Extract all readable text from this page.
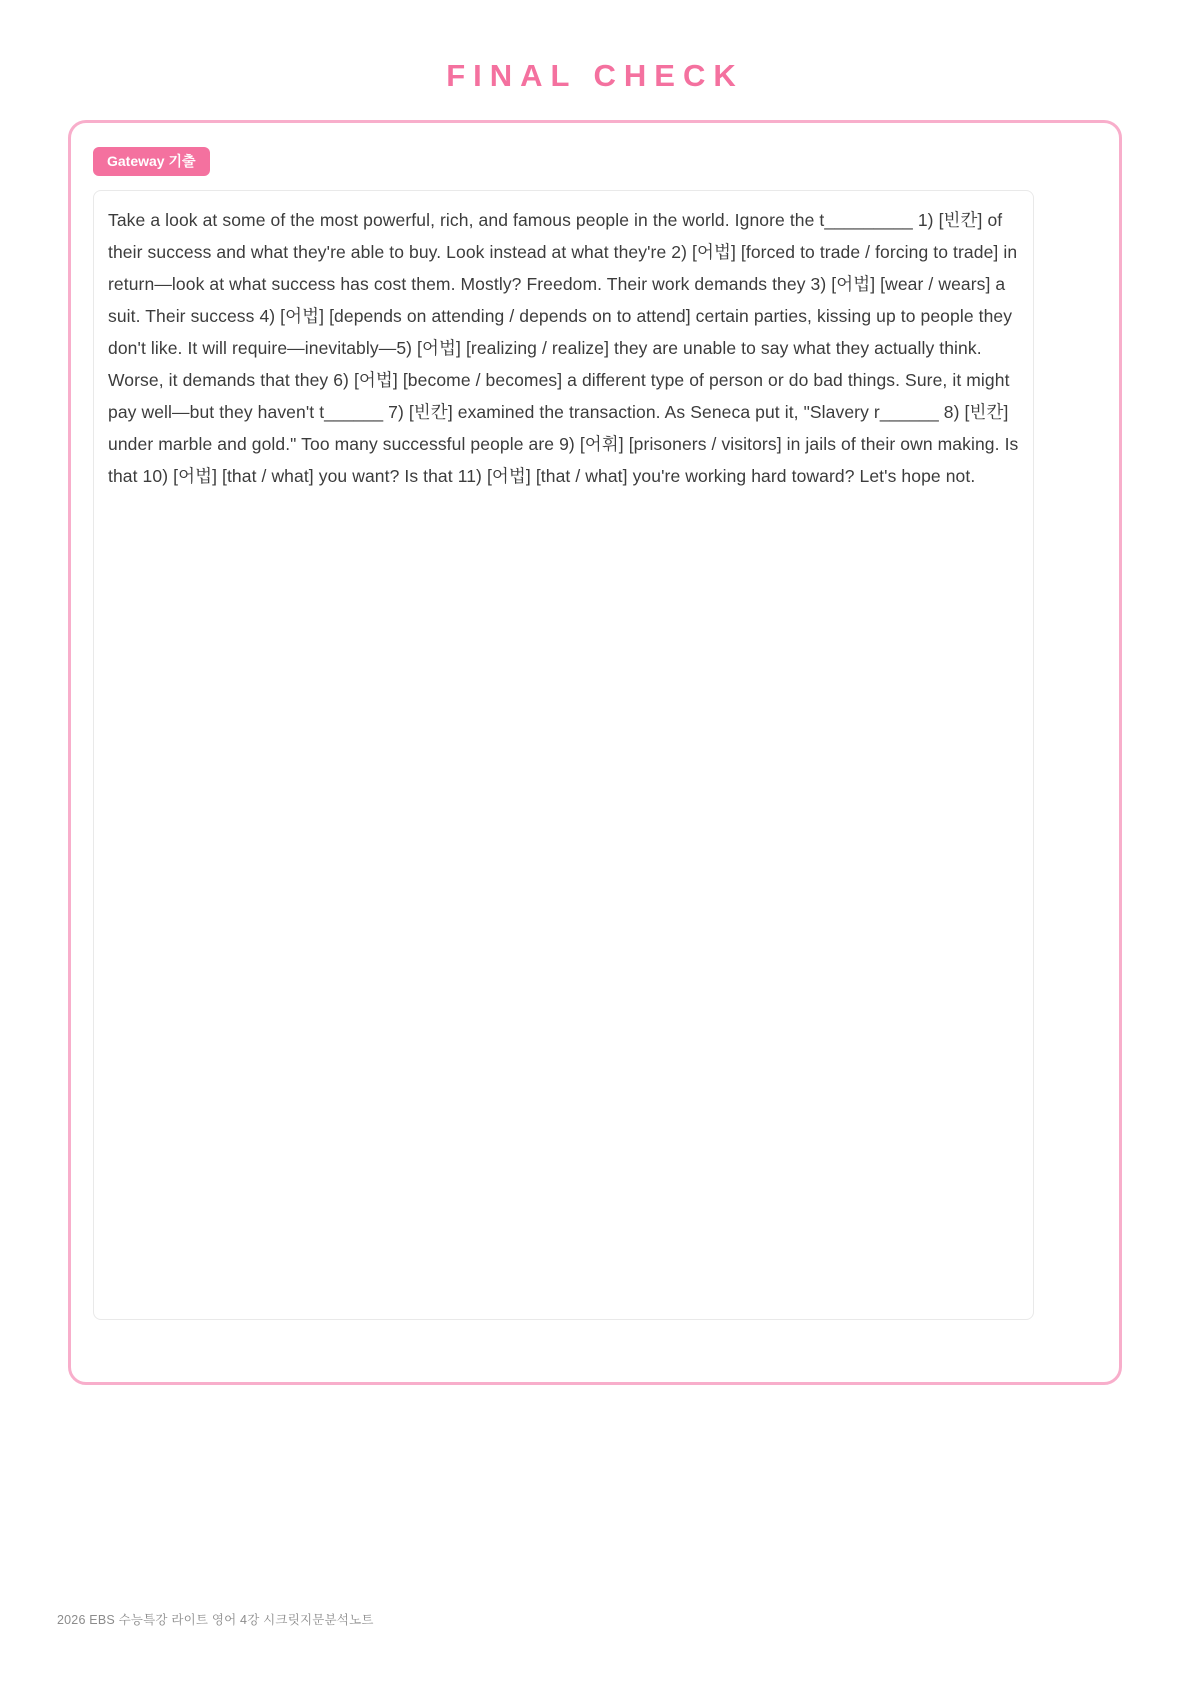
FINAL CHECK
Gateway 기출

Take a look at some of the most powerful, rich, and famous people in the world. Ignore the t_________ 1) [빈칸] of their success and what they're able to buy. Look instead at what they're 2) [어법] [forced to trade / forcing to trade] in return—look at what success has cost them. Mostly? Freedom. Their work demands they 3) [어법] [wear / wears] a suit. Their success 4) [어법] [depends on attending / depends on to attend] certain parties, kissing up to people they don't like. It will require—inevitably—5) [어법] [realizing / realize] they are unable to say what they actually think. Worse, it demands that they 6) [어법] [become / becomes] a different type of person or do bad things. Sure, it might pay well—but they haven't t______ 7) [빈칸] examined the transaction. As Seneca put it, "Slavery r______ 8) [빈칸] under marble and gold." Too many successful people are 9) [어휘] [prisoners / visitors] in jails of their own making. Is that 10) [어법] [that / what] you want? Is that 11) [어법] [that / what] you're working hard toward? Let's hope not.

2026 EBS 수능특강 라이트 영어 4강 시크릿지문분석노트
